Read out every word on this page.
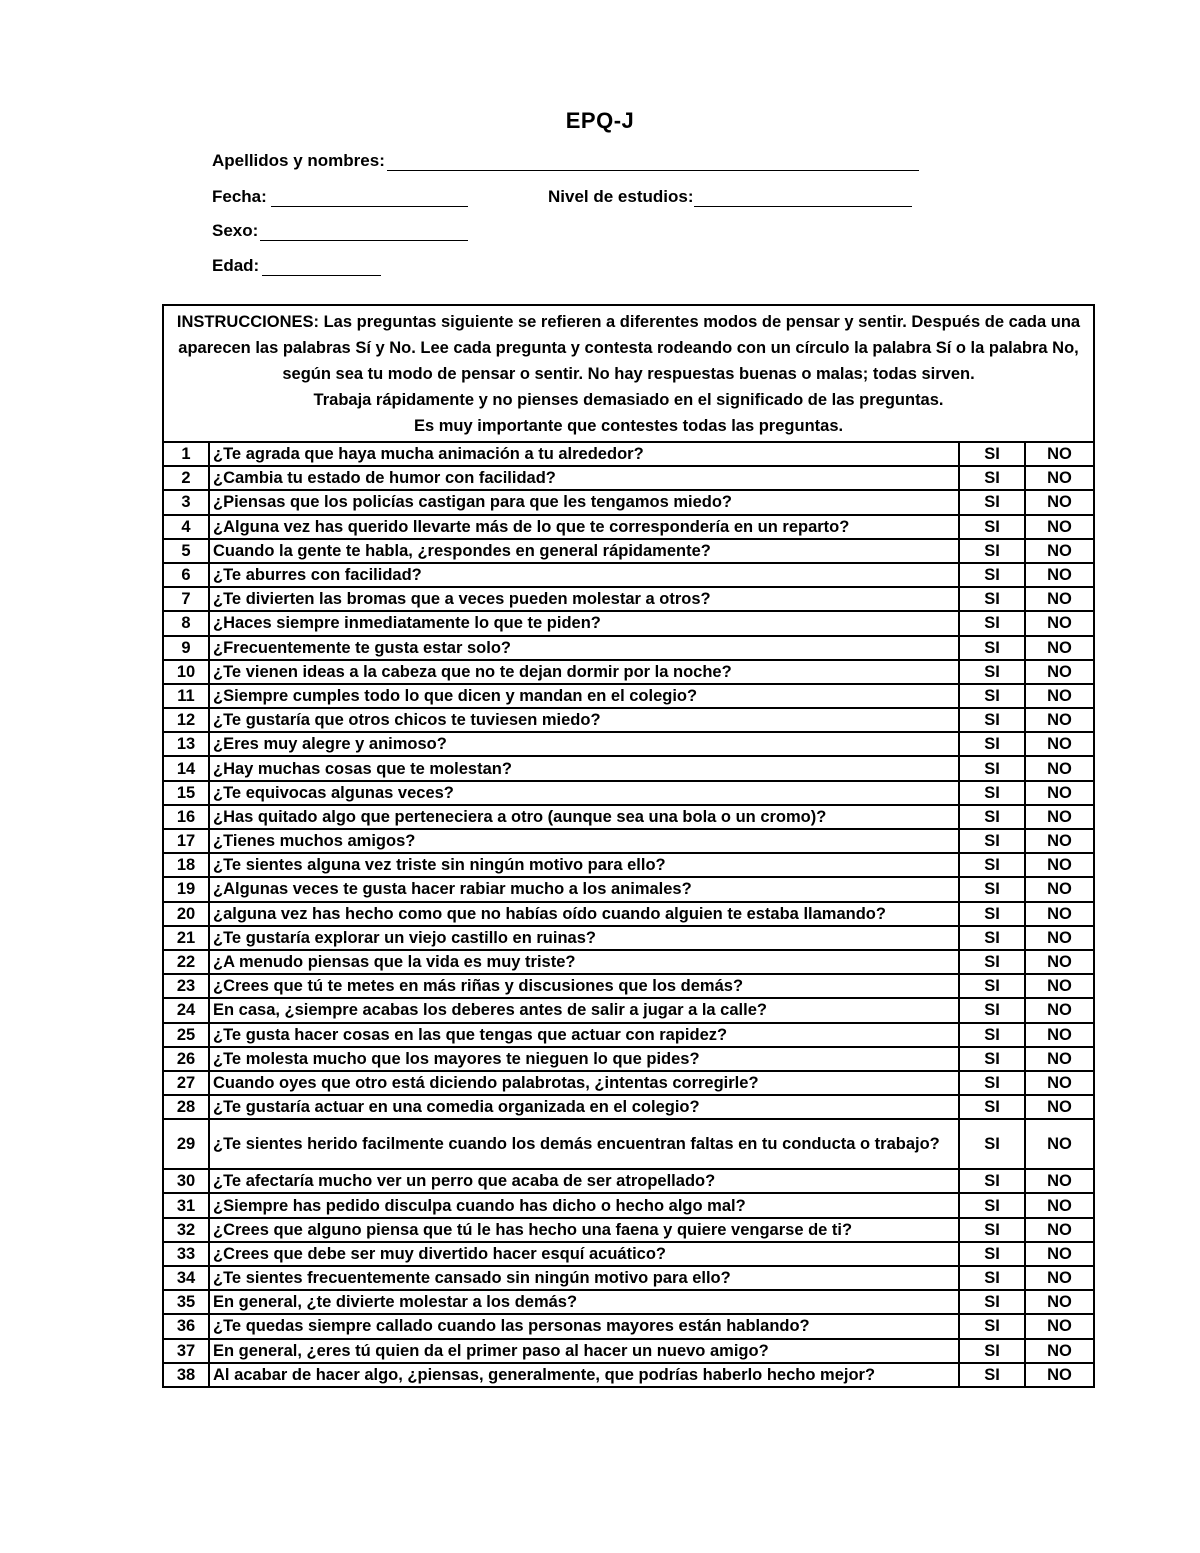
EPQ-J
Apellidos y nombres:
Fecha:	Nivel de estudios:
Sexo:
Edad:
INSTRUCCIONES: Las preguntas siguiente se refieren a diferentes modos de pensar y sentir. Después de cada una aparecen las palabras Sí y No. Lee cada pregunta y contesta rodeando con un círculo la palabra Sí o la palabra No, según sea tu modo de pensar o sentir. No hay respuestas buenas o malas; todas sirven.
Trabaja rápidamente y no pienses demasiado en el significado de las preguntas.
Es muy importante que contestes todas las preguntas.			

1	¿Te agrada que haya mucha animación a tu alrededor?	SI	NO
2	¿Cambia tu estado de humor con facilidad?	SI	NO
3	¿Piensas que los policías castigan para que les tengamos miedo?	SI	NO
4	¿Alguna vez has querido llevarte más de lo que te correspondería en un reparto?	SI	NO
5	Cuando la gente te habla, ¿respondes en general rápidamente?	SI	NO
6	¿Te aburres con facilidad?	SI	NO
7	¿Te divierten las bromas que a veces pueden molestar a otros?	SI	NO
8	¿Haces siempre inmediatamente lo que te piden?	SI	NO
9	¿Frecuentemente te gusta estar solo?	SI	NO
10	¿Te vienen ideas a la cabeza que no te dejan dormir por la noche?	SI	NO
11	¿Siempre cumples todo lo que dicen y mandan en el colegio?	SI	NO
12	¿Te gustaría que otros chicos te tuviesen miedo?	SI	NO
13	¿Eres muy alegre y animoso?	SI	NO
14	¿Hay muchas cosas que te molestan?	SI	NO
15	¿Te equivocas algunas veces?	SI	NO
16	¿Has quitado algo que perteneciera a otro (aunque sea una bola o un cromo)?	SI	NO
17	¿Tienes muchos amigos?	SI	NO
18	¿Te sientes alguna vez triste sin ningún motivo para ello?	SI	NO
19	¿Algunas veces te gusta hacer rabiar mucho a los animales?	SI	NO
20	¿alguna vez has hecho como que no habías oído cuando alguien te estaba llamando?	SI	NO
21	¿Te gustaría explorar un viejo castillo en ruinas?	SI	NO
22	¿A menudo piensas que la vida es muy triste?	SI	NO
23	¿Crees que tú te metes en más riñas y discusiones que los demás?	SI	NO
24	En casa, ¿siempre acabas los deberes antes de salir a jugar a la calle?	SI	NO
25	¿Te gusta hacer cosas en las que tengas que actuar con rapidez?	SI	NO
26	¿Te molesta mucho que los mayores te nieguen lo que pides?	SI	NO
27	Cuando oyes que otro está diciendo palabrotas, ¿intentas corregirle?	SI	NO
28	¿Te gustaría actuar en una comedia organizada en el colegio?	SI	NO
29	¿Te sientes herido facilmente cuando los demás encuentran faltas en tu conducta o trabajo?	SI	NO
30	¿Te afectaría mucho ver un perro que acaba de ser atropellado?	SI	NO
31	¿Siempre has pedido disculpa cuando has dicho o hecho algo mal?	SI	NO
32	¿Crees que alguno piensa que tú le has hecho una faena y quiere vengarse de ti?	SI	NO
33	¿Crees que debe ser muy divertido hacer esquí acuático?	SI	NO
34	¿Te sientes frecuentemente cansado sin ningún motivo para ello?	SI	NO
35	En general, ¿te divierte molestar a los demás?	SI	NO
36	¿Te quedas siempre callado cuando las personas mayores están hablando?	SI	NO
37	En general, ¿eres tú quien da el primer paso al hacer un nuevo amigo?	SI	NO
38	Al acabar de hacer algo, ¿piensas, generalmente, que podrías haberlo hecho mejor?	SI	NO
